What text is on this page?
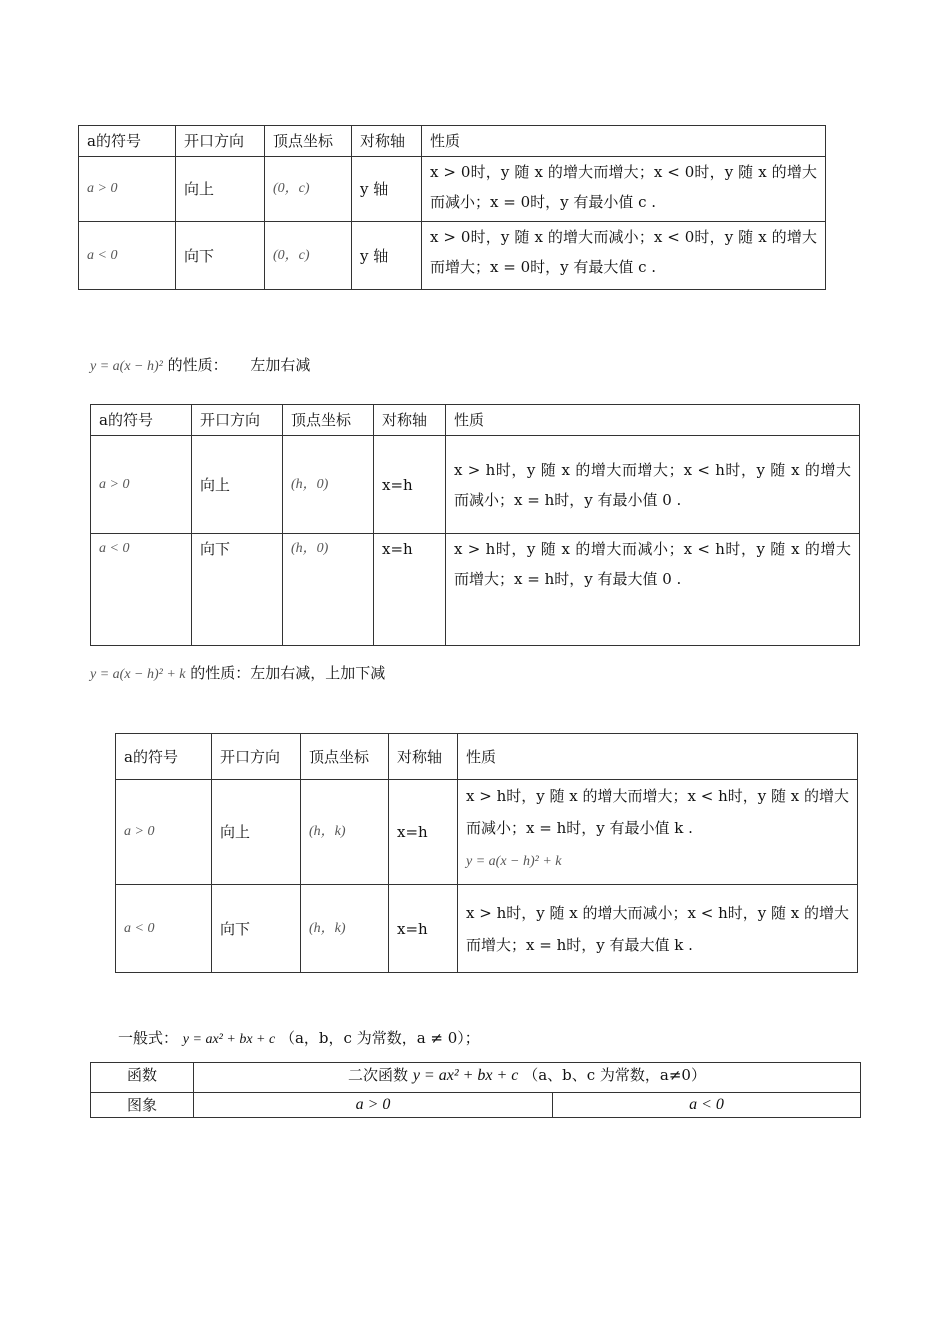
a的符号	开口方向	顶点坐标	对称轴	性质
a > 0	向上	(0，c)	y 轴	x > 0时，y 随 x 的增大而增大；x < 0时，y 随 x 的增大而减小；x = 0时，y 有最小值 c .
a < 0	向下	(0，c)	y 轴	x > 0时，y 随 x 的增大而减小；x < 0时，y 随 x 的增大而增大；x = 0时，y 有最大值 c .
y = a(x − h)² 的性质： 左加右减
a的符号	开口方向	顶点坐标	对称轴	性质
a > 0	向上	(h，0)	x=h	x > h时，y 随 x 的增大而增大；x < h时，y 随 x 的增大而减小；x = h时，y 有最小值 0 .
a < 0	向下	(h，0)	x=h	x > h时，y 随 x 的增大而减小；x < h时，y 随 x 的增大而增大；x = h时，y 有最大值 0 .
y = a(x − h)² + k 的性质：左加右减，上加下减
a的符号	开口方向	顶点坐标	对称轴	性质
a > 0	向上	(h，k)	x=h	x > h时，y 随 x 的增大而增大；x < h时，y 随 x 的增大而减小；x = h时，y 有最小值 k .
y = a(x − h)² + k
a < 0	向下	(h，k)	x=h	x > h时，y 随 x 的增大而减小；x < h时，y 随 x 的增大而增大；x = h时，y 有最大值 k .
一般式： y = ax² + bx + c （a，b，c 为常数，a ≠ 0）；
函数	二次函数 y = ax² + bx + c （a、b、c 为常数，a≠0）	
图象	a > 0	a < 0
